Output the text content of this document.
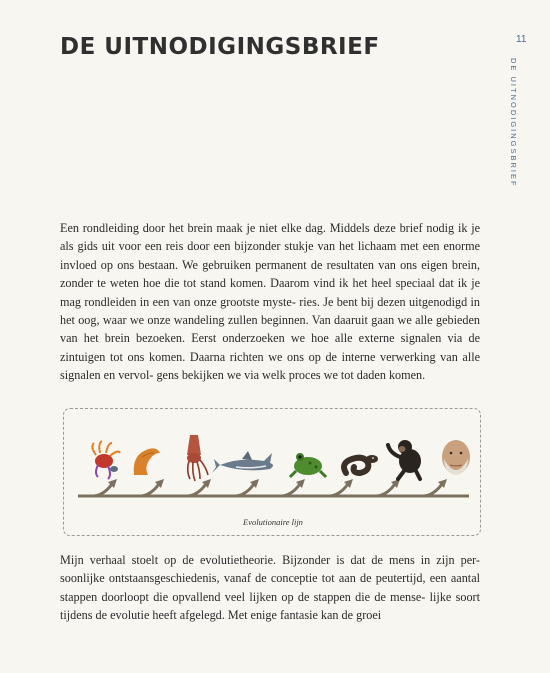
DE UITNODIGINGSBRIEF	11
DE UITNODIGINGSBRIEF

Een rondleiding door het brein maak je niet elke dag. Middels deze brief nodig ik je als gids uit voor een reis door een bijzonder stukje van het lichaam met een enorme invloed op ons bestaan. We gebruiken permanent de resultaten van ons eigen brein, zonder te weten hoe die tot stand komen. Daarom vind ik het heel speciaal dat ik je mag rondleiden in een van onze grootste myste- ries. Je bent bij dezen uitgenodigd in het oog, waar we onze wandeling zullen beginnen. Van daaruit gaan we alle gebieden van het brein bezoeken. Eerst onderzoeken we hoe alle externe signalen via de zintuigen tot ons komen. Daarna richten we ons op de interne verwerking van alle signalen en vervol- gens bekijken we via welk proces we tot daden komen.

Evolutionaire lijn

Mijn verhaal stoelt op de evolutietheorie. Bijzonder is dat de mens in zijn per- soonlijke ontstaansgeschiedenis, vanaf de conceptie tot aan de peutertijd, een aantal stappen doorloopt die opvallend veel lijken op de stappen die de mense- lijke soort tijdens de evolutie heeft afgelegd. Met enige fantasie kan de groei
